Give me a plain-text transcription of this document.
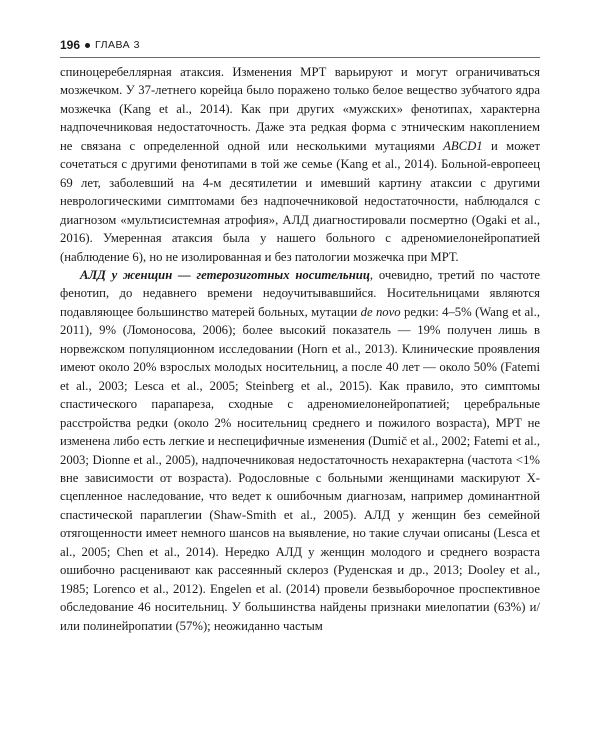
196 ГЛАВА 3

спиноцеребеллярная атаксия. Изменения МРТ варьируют и могут ограничиваться мозжечком. У 37-летнего корейца было поражено только белое вещество зубчатого ядра мозжечка (Kang et al., 2014). Как при других «мужских» фенотипах, характерна надпочечниковая недостаточность. Даже эта редкая форма с этническим накоплением не связана с определенной одной или несколькими мутациями ABCD1 и может сочетаться с другими фенотипами в той же семье (Kang et al., 2014). Больной-европеец 69 лет, заболевший на 4-м десятилетии и имевший картину атаксии с другими неврологическими симптомами без надпочечниковой недостаточности, наблюдался с диагнозом «мультисистемная атрофия», АЛД диагностировали посмертно (Ogaki et al., 2016). Умеренная атаксия была у нашего больного с адреномиелонейропатией (наблюдение 6), но не изолированная и без патологии мозжечка при МРТ.

АЛД у женщин — гетерозиготных носительниц, очевидно, третий по частоте фенотип, до недавнего времени недоучитывавшийся. Носительницами являются подавляющее большинство матерей больных, мутации de novo редки: 4–5% (Wang et al., 2011), 9% (Ломоносова, 2006); более высокий показатель — 19% получен лишь в норвежском популяционном исследовании (Horn et al., 2013). Клинические проявления имеют около 20% взрослых молодых носительниц, а после 40 лет — около 50% (Fatemi et al., 2003; Lesca et al., 2005; Steinberg et al., 2015). Как правило, это симптомы спастического парапареза, сходные с адреномиелонейропатией; церебральные расстройства редки (около 2% носительниц среднего и пожилого возраста), МРТ не изменена либо есть легкие и неспецифичные изменения (Dumič et al., 2002; Fatemi et al., 2003; Dionne et al., 2005), надпочечниковая недостаточность нехарактерна (частота <1% вне зависимости от возраста). Родословные с больными женщинами маскируют Х-сцепленное наследование, что ведет к ошибочным диагнозам, например доминантной спастической параплегии (Shaw-Smith et al., 2005). АЛД у женщин без семейной отягощенности имеет немного шансов на выявление, но такие случаи описаны (Lesca et al., 2005; Chen et al., 2014). Нередко АЛД у женщин молодого и среднего возраста ошибочно расценивают как рассеянный склероз (Руденская и др., 2013; Dooley et al., 1985; Lorenco et al., 2012). Engelen et al. (2014) провели безвыборочное проспективное обследование 46 носительниц. У большинства найдены признаки миелопатии (63%) и/или полинейропатии (57%); неожиданно частым
